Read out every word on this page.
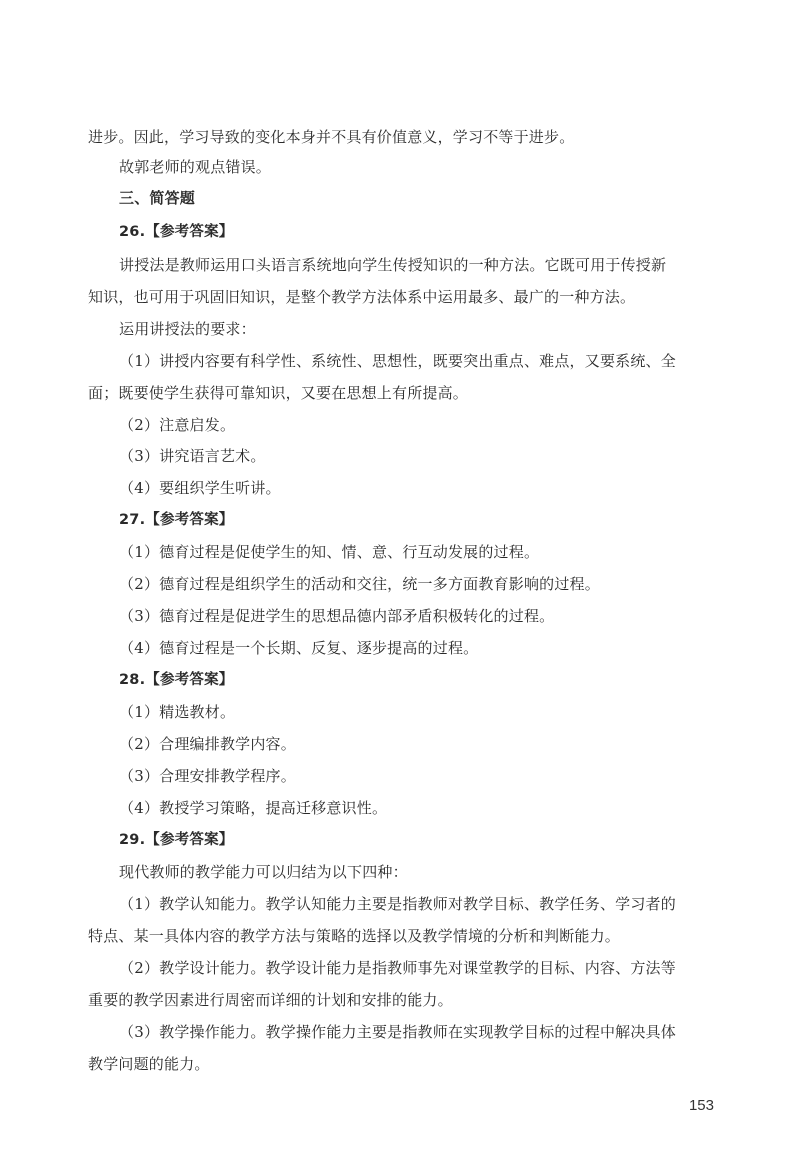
进步。因此，学习导致的变化本身并不具有价值意义，学习不等于进步。
故郭老师的观点错误。
三、简答题
26.【参考答案】
讲授法是教师运用口头语言系统地向学生传授知识的一种方法。它既可用于传授新
知识，也可用于巩固旧知识，是整个教学方法体系中运用最多、最广的一种方法。
运用讲授法的要求：
（1）讲授内容要有科学性、系统性、思想性，既要突出重点、难点，又要系统、全
面；既要使学生获得可靠知识，又要在思想上有所提高。
（2）注意启发。
（3）讲究语言艺术。
（4）要组织学生听讲。
27.【参考答案】
（1）德育过程是促使学生的知、情、意、行互动发展的过程。
（2）德育过程是组织学生的活动和交往，统一多方面教育影响的过程。
（3）德育过程是促进学生的思想品德内部矛盾积极转化的过程。
（4）德育过程是一个长期、反复、逐步提高的过程。
28.【参考答案】
（1）精选教材。
（2）合理编排教学内容。
（3）合理安排教学程序。
（4）教授学习策略，提高迁移意识性。
29.【参考答案】
现代教师的教学能力可以归结为以下四种：
（1）教学认知能力。教学认知能力主要是指教师对教学目标、教学任务、学习者的
特点、某一具体内容的教学方法与策略的选择以及教学情境的分析和判断能力。
（2）教学设计能力。教学设计能力是指教师事先对课堂教学的目标、内容、方法等
重要的教学因素进行周密而详细的计划和安排的能力。
（3）教学操作能力。教学操作能力主要是指教师在实现教学目标的过程中解决具体
教学问题的能力。
153
